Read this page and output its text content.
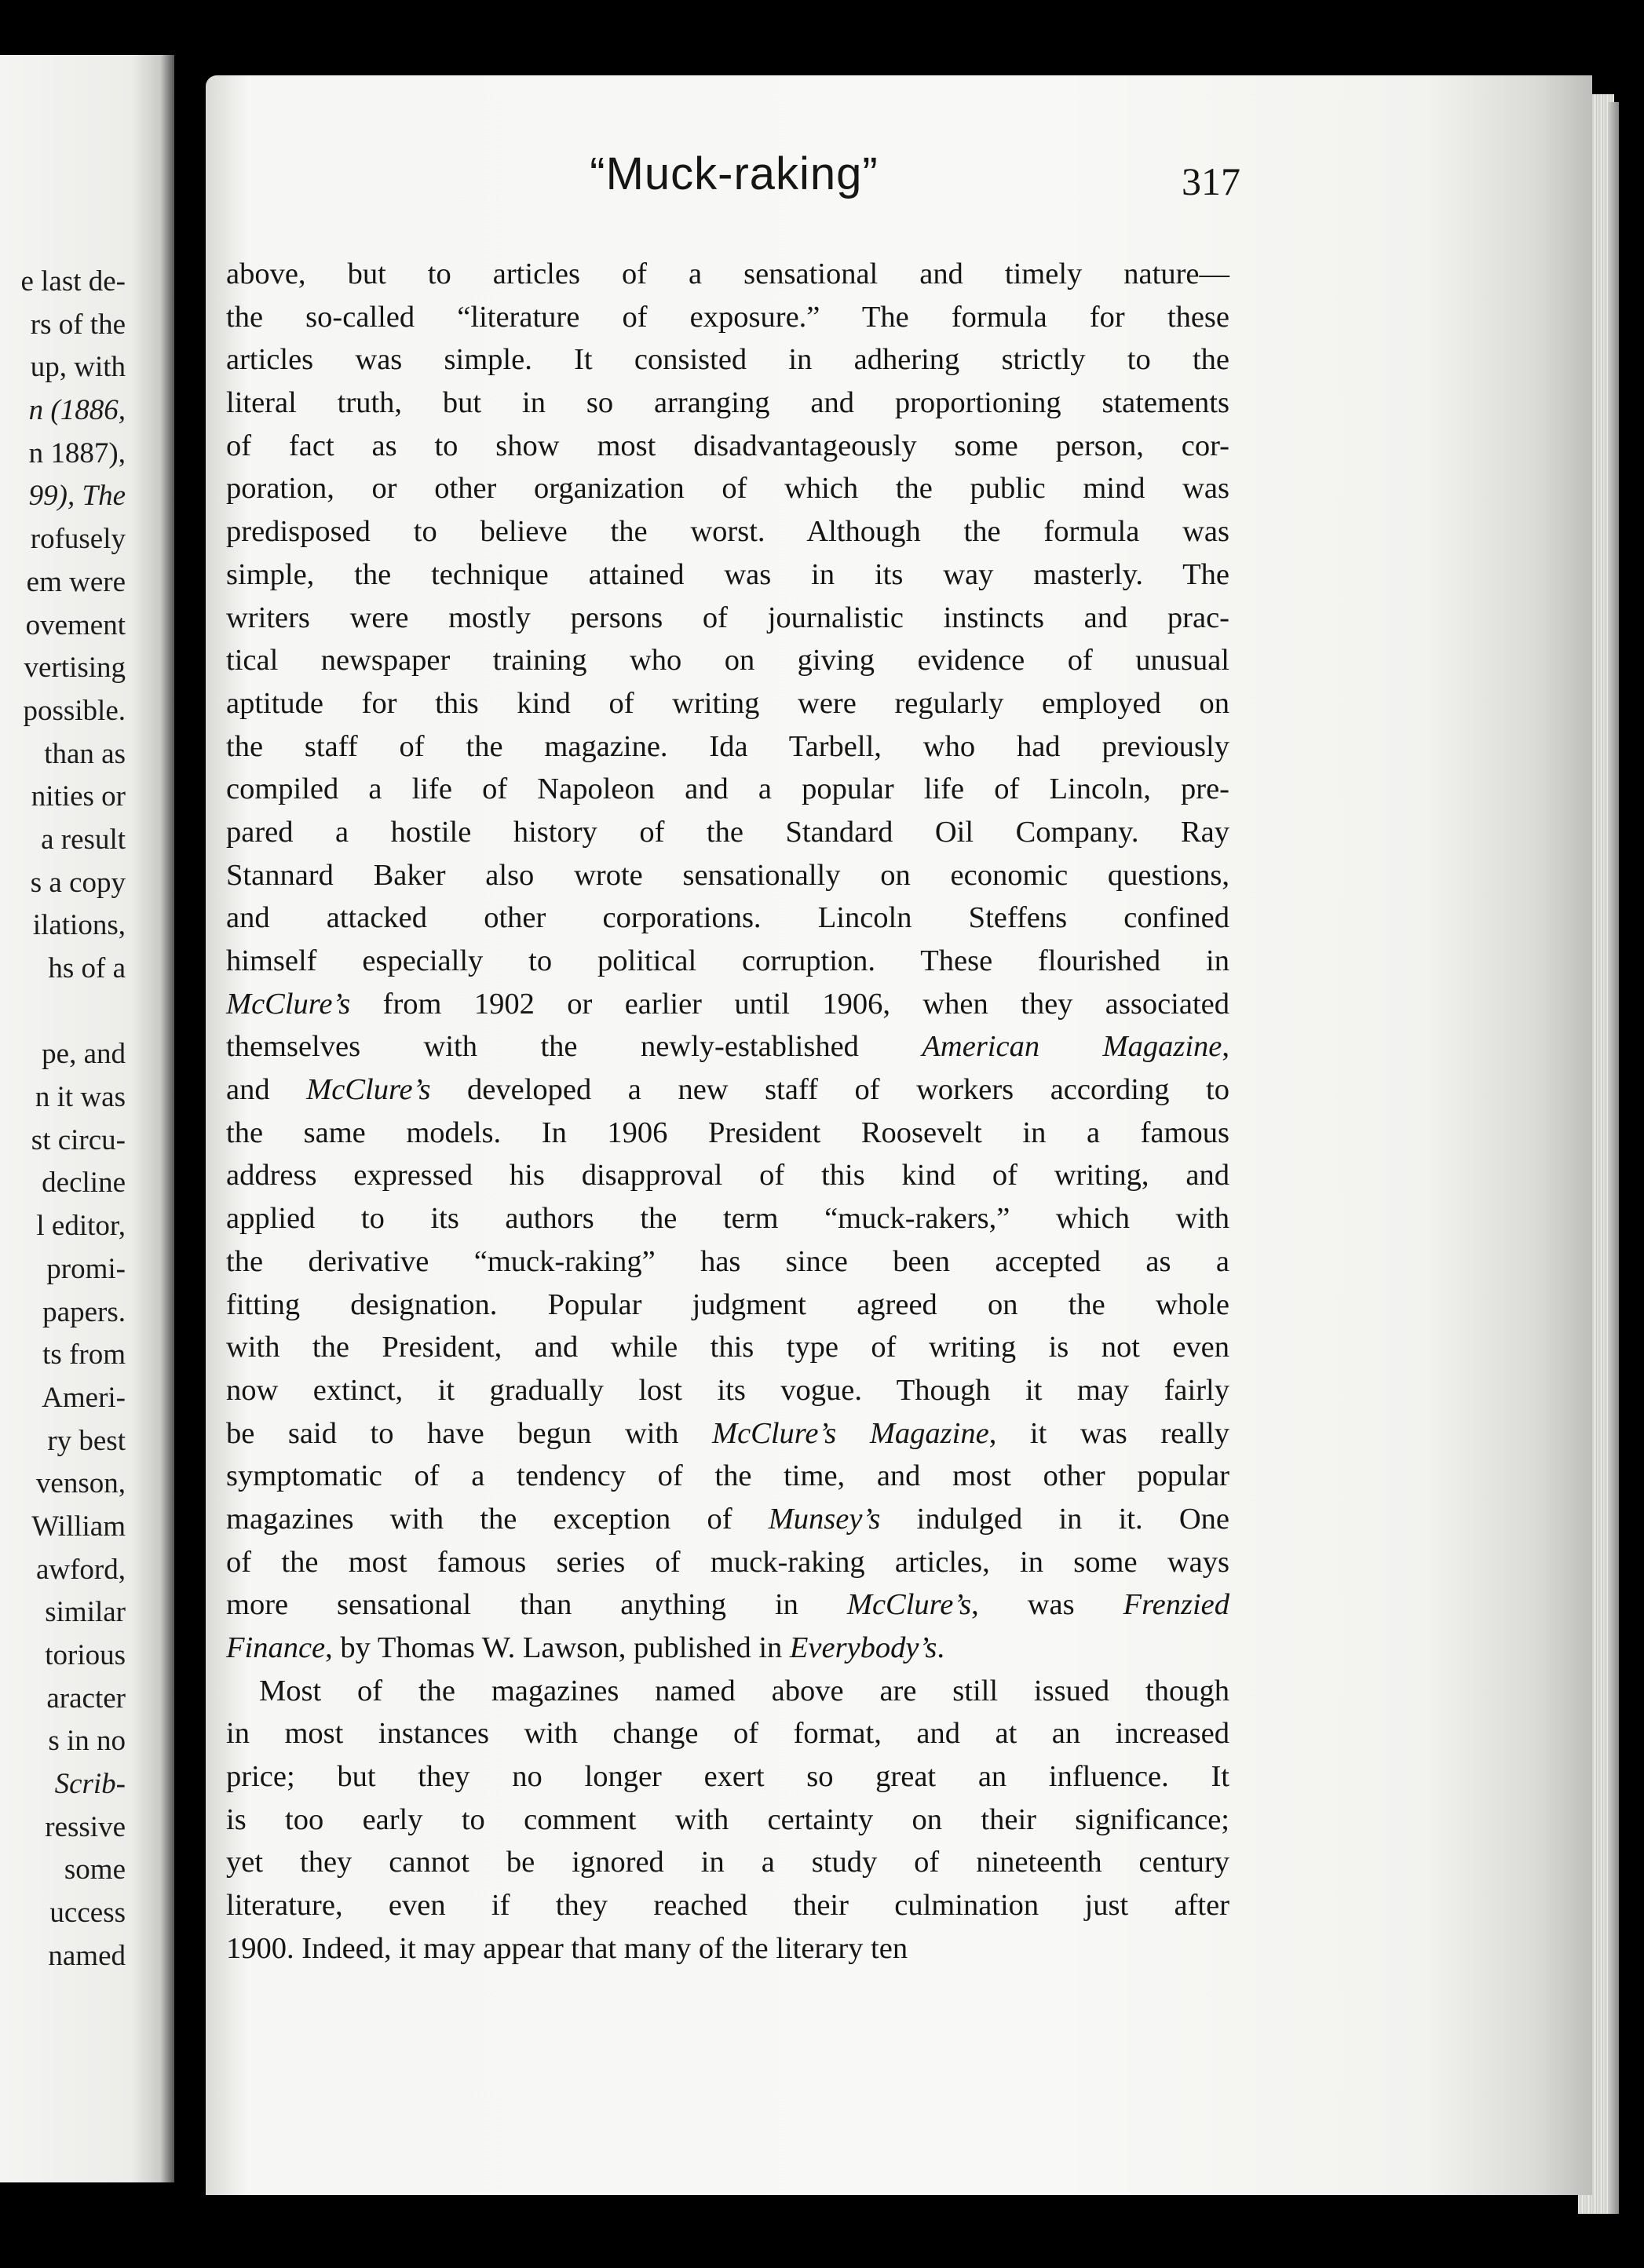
e last de-
rs of the
up, with
n (1886,
n 1887),
99), The
rofusely
em were
ovement
vertising
possible.
than as
nities or
a result
s a copy
ilations,
hs of a
pe, and
n it was
st circu-
decline
l editor,
promi-
papers.
ts from
Ameri-
ry best
venson,
William
awford,
similar
torious
aracter
s in no
Scrib-
ressive
some
uccess
named
“Muck-raking”	317
above, but to articles of a sensational and timely nature—
the so-called “literature of exposure.” The formula for these
articles was simple. It consisted in adhering strictly to the
literal truth, but in so arranging and proportioning statements
of fact as to show most disadvantageously some person, cor-
poration, or other organization of which the public mind was
predisposed to believe the worst. Although the formula was
simple, the technique attained was in its way masterly. The
writers were mostly persons of journalistic instincts and prac-
tical newspaper training who on giving evidence of unusual
aptitude for this kind of writing were regularly employed on
the staff of the magazine. Ida Tarbell, who had previously
compiled a life of Napoleon and a popular life of Lincoln, pre-
pared a hostile history of the Standard Oil Company. Ray
Stannard Baker also wrote sensationally on economic questions,
and attacked other corporations. Lincoln Steffens confined
himself especially to political corruption. These flourished in
McClure’s from 1902 or earlier until 1906, when they associated
themselves with the newly-established American Magazine,
and McClure’s developed a new staff of workers according to
the same models. In 1906 President Roosevelt in a famous
address expressed his disapproval of this kind of writing, and
applied to its authors the term “muck-rakers,” which with
the derivative “muck-raking” has since been accepted as a
fitting designation. Popular judgment agreed on the whole
with the President, and while this type of writing is not even
now extinct, it gradually lost its vogue. Though it may fairly
be said to have begun with McClure’s Magazine, it was really
symptomatic of a tendency of the time, and most other popular
magazines with the exception of Munsey’s indulged in it. One
of the most famous series of muck-raking articles, in some ways
more sensational than anything in McClure’s, was Frenzied
Finance, by Thomas W. Lawson, published in Everybody’s.
Most of the magazines named above are still issued though
in most instances with change of format, and at an increased
price; but they no longer exert so great an influence. It
is too early to comment with certainty on their significance;
yet they cannot be ignored in a study of nineteenth century
literature, even if they reached their culmination just after
1900. Indeed, it may appear that many of the literary ten
